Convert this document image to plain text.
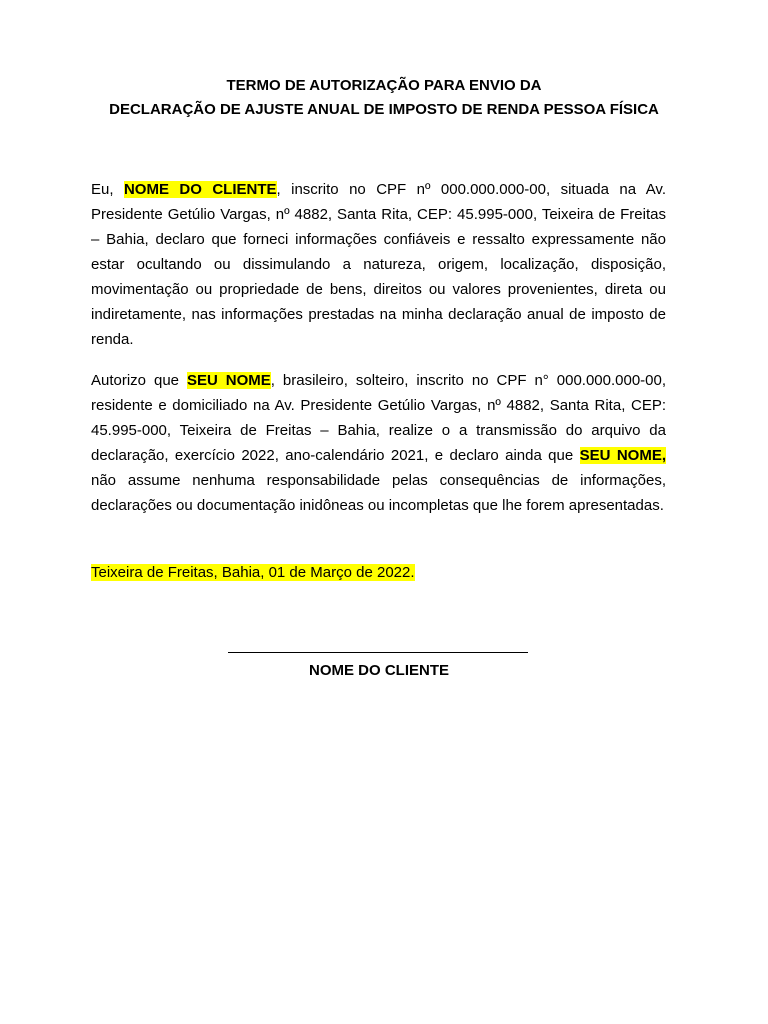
TERMO DE AUTORIZAÇÃO PARA ENVIO DA
DECLARAÇÃO DE AJUSTE ANUAL DE IMPOSTO DE RENDA PESSOA FÍSICA

Eu, NOME DO CLIENTE, inscrito no CPF nº 000.000.000-00, situada na Av. Presidente Getúlio Vargas, nº 4882, Santa Rita, CEP: 45.995-000, Teixeira de Freitas – Bahia, declaro que forneci informações confiáveis e ressalto expressamente não estar ocultando ou dissimulando a natureza, origem, localização, disposição, movimentação ou propriedade de bens, direitos ou valores provenientes, direta ou indiretamente, nas informações prestadas na minha declaração anual de imposto de renda.

Autorizo que SEU NOME, brasileiro, solteiro, inscrito no CPF n° 000.000.000-00, residente e domiciliado na Av. Presidente Getúlio Vargas, nº 4882, Santa Rita, CEP: 45.995-000, Teixeira de Freitas – Bahia, realize o a transmissão do arquivo da declaração, exercício 2022, ano-calendário 2021, e declaro ainda que SEU NOME, não assume nenhuma responsabilidade pelas consequências de informações, declarações ou documentação inidôneas ou incompletas que lhe forem apresentadas.

Teixeira de Freitas, Bahia, 01 de Março de 2022.

NOME DO CLIENTE
